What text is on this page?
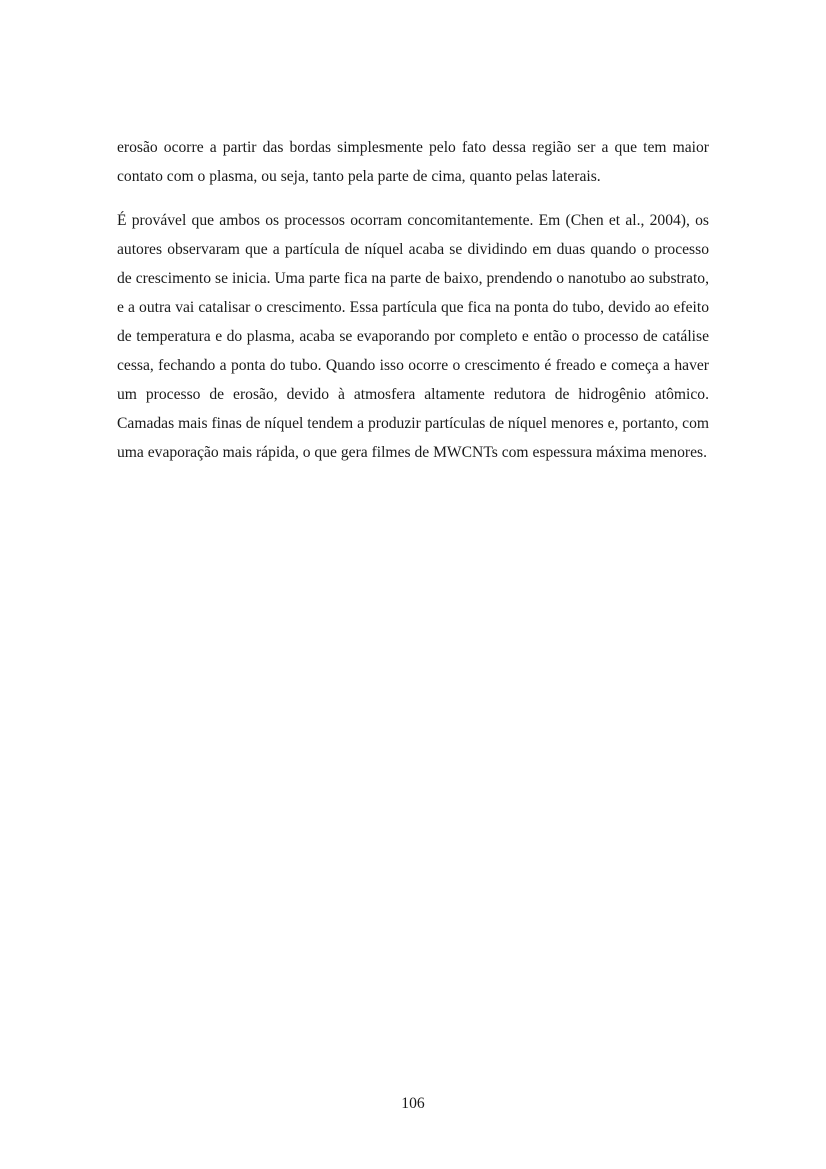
erosão ocorre a partir das bordas simplesmente pelo fato dessa região ser a que tem maior contato com o plasma, ou seja, tanto pela parte de cima, quanto pelas laterais.

É provável que ambos os processos ocorram concomitantemente. Em (Chen et al., 2004), os autores observaram que a partícula de níquel acaba se dividindo em duas quando o processo de crescimento se inicia. Uma parte fica na parte de baixo, prendendo o nanotubo ao substrato, e a outra vai catalisar o crescimento. Essa partícula que fica na ponta do tubo, devido ao efeito de temperatura e do plasma, acaba se evaporando por completo e então o processo de catálise cessa, fechando a ponta do tubo. Quando isso ocorre o crescimento é freado e começa a haver um processo de erosão, devido à atmosfera altamente redutora de hidrogênio atômico. Camadas mais finas de níquel tendem a produzir partículas de níquel menores e, portanto, com uma evaporação mais rápida, o que gera filmes de MWCNTs com espessura máxima menores.

106
